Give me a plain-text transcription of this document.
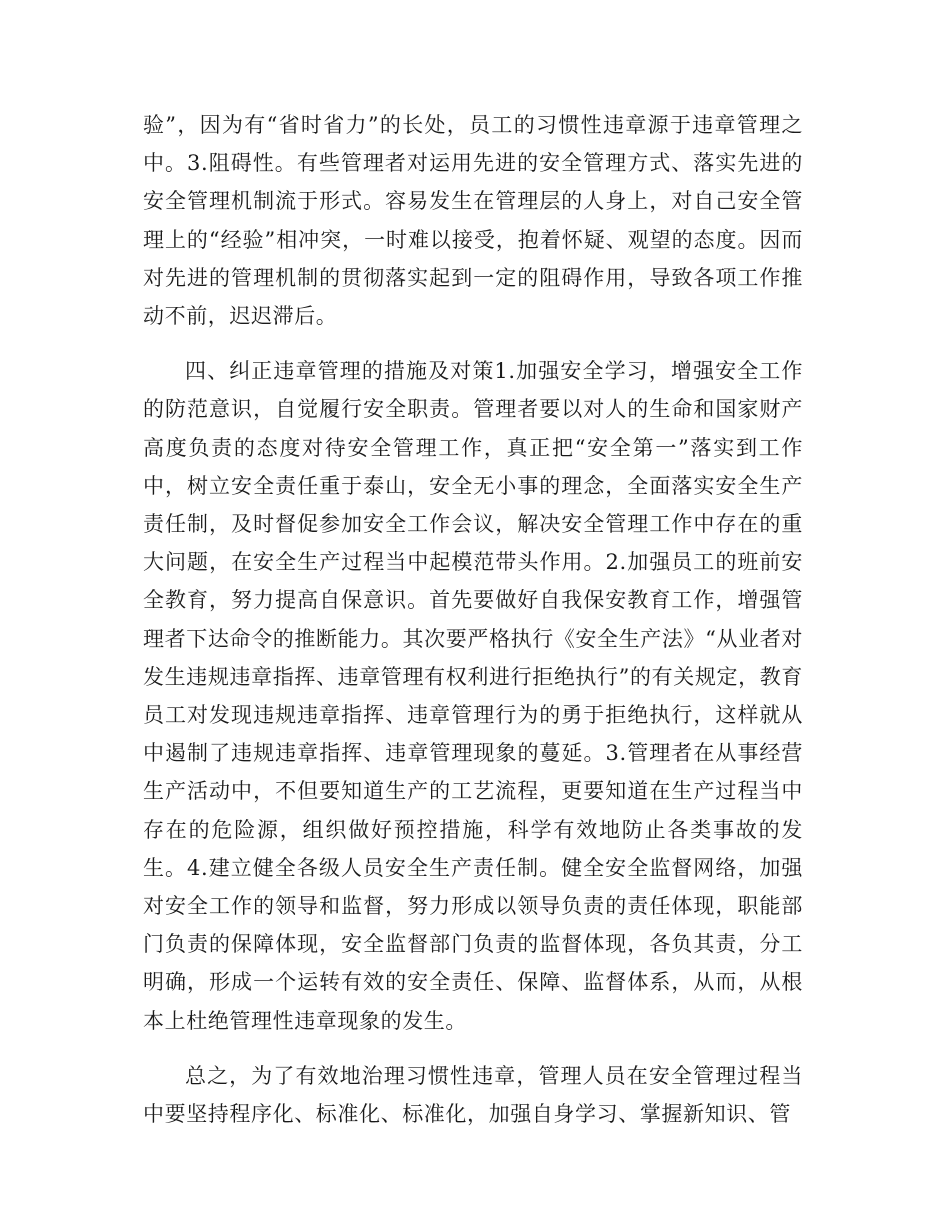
验”，因为有“省时省力”的长处，员工的习惯性违章源于违章管理之中。3.阻碍性。有些管理者对运用先进的安全管理方式、落实先进的安全管理机制流于形式。容易发生在管理层的人身上，对自己安全管理上的“经验”相冲突，一时难以接受，抱着怀疑、观望的态度。因而对先进的管理机制的贯彻落实起到一定的阻碍作用，导致各项工作推动不前，迟迟滞后。

四、纠正违章管理的措施及对策1.加强安全学习，增强安全工作的防范意识，自觉履行安全职责。管理者要以对人的生命和国家财产高度负责的态度对待安全管理工作，真正把“安全第一”落实到工作中，树立安全责任重于泰山，安全无小事的理念，全面落实安全生产责任制，及时督促参加安全工作会议，解决安全管理工作中存在的重大问题，在安全生产过程当中起模范带头作用。2.加强员工的班前安全教育，努力提高自保意识。首先要做好自我保安教育工作，增强管理者下达命令的推断能力。其次要严格执行《安全生产法》“从业者对发生违规违章指挥、违章管理有权利进行拒绝执行”的有关规定，教育员工对发现违规违章指挥、违章管理行为的勇于拒绝执行，这样就从中遏制了违规违章指挥、违章管理现象的蔓延。3.管理者在从事经营生产活动中，不但要知道生产的工艺流程，更要知道在生产过程当中存在的危险源，组织做好预控措施，科学有效地防止各类事故的发生。4.建立健全各级人员安全生产责任制。健全安全监督网络，加强对安全工作的领导和监督，努力形成以领导负责的责任体现，职能部门负责的保障体现，安全监督部门负责的监督体现，各负其责，分工明确，形成一个运转有效的安全责任、保障、监督体系，从而，从根本上杜绝管理性违章现象的发生。

总之，为了有效地治理习惯性违章，管理人员在安全管理过程当中要坚持程序化、标准化、标准化，加强自身学习、掌握新知识、管
